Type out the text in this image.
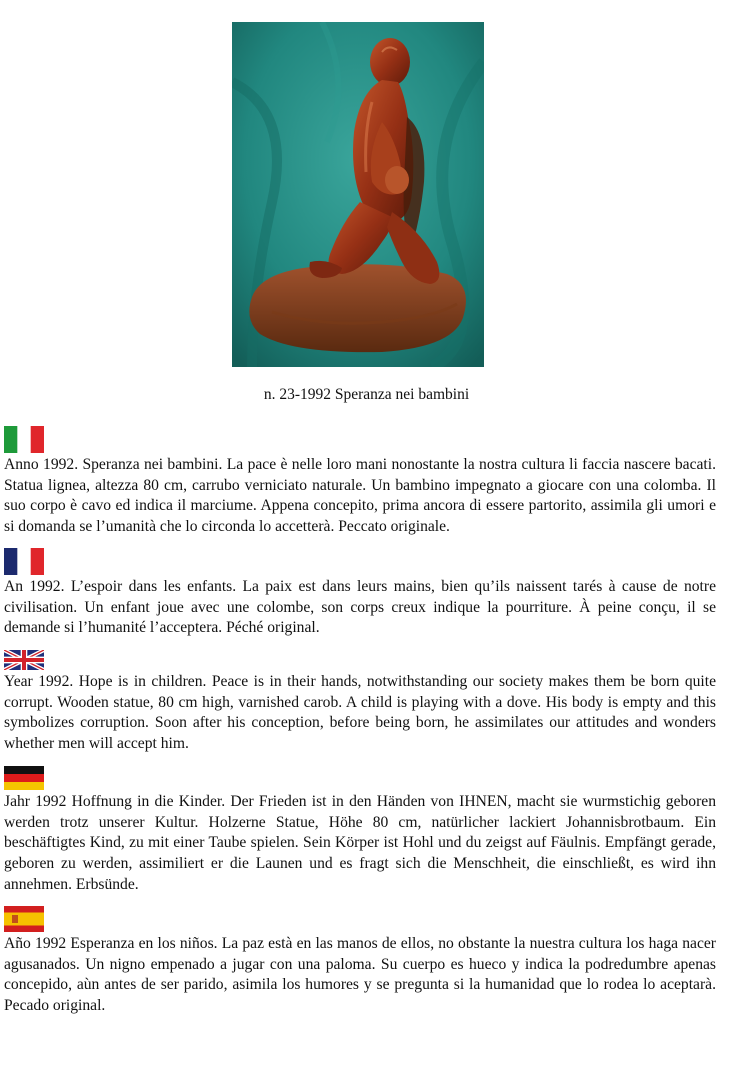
n. 23-1992 Speranza nei bambini

Anno 1992. Speranza nei bambini. La pace è nelle loro mani nonostante la nostra cultura li faccia nascere bacati. Statua lignea, altezza 80 cm, carrubo verniciato naturale. Un bambino impegnato a giocare con una colomba. Il suo corpo è cavo ed indica il marciume. Appena concepito, prima ancora di essere partorito, assimila gli umori e si domanda se l’umanità che lo circonda lo accetterà. Peccato originale.

An 1992. L’espoir dans les enfants. La paix est dans leurs mains, bien qu’ils naissent tarés à cause de notre civilisation. Un enfant joue avec une colombe, son corps creux indique la pourriture. À peine conçu, il se demande si l’humanité l’acceptera. Péché original.

Year 1992. Hope is in children. Peace is in their hands, notwithstanding our society makes them be born quite corrupt. Wooden statue, 80 cm high, varnished carob. A child is playing with a dove. His body is empty and this symbolizes corruption. Soon after his conception, before being born, he assimilates our attitudes and wonders whether men will accept him.

Jahr 1992 Hoffnung in die Kinder. Der Frieden ist in den Händen von IHNEN, macht sie wurmstichig geboren werden trotz unserer Kultur. Holzerne Statue, Höhe 80 cm, natürlicher lackiert Johannisbrotbaum. Ein beschäftigtes Kind, zu mit einer Taube spielen. Sein Körper ist Hohl und du zeigst auf Fäulnis. Empfängt gerade, geboren zu werden, assimiliert er die Launen und es fragt sich die Menschheit, die einschließt, es wird ihn annehmen. Erbsünde.

Año 1992 Esperanza en los niños. La paz està en las manos de ellos, no obstante la nuestra cultura los haga nacer agusanados. Un nigno empenado a jugar con una paloma. Su cuerpo es hueco y indica la podredumbre apenas concepido, aùn antes de ser parido, asimila los humores y se pregunta si la humanidad que lo rodea lo aceptarà. Pecado original.
